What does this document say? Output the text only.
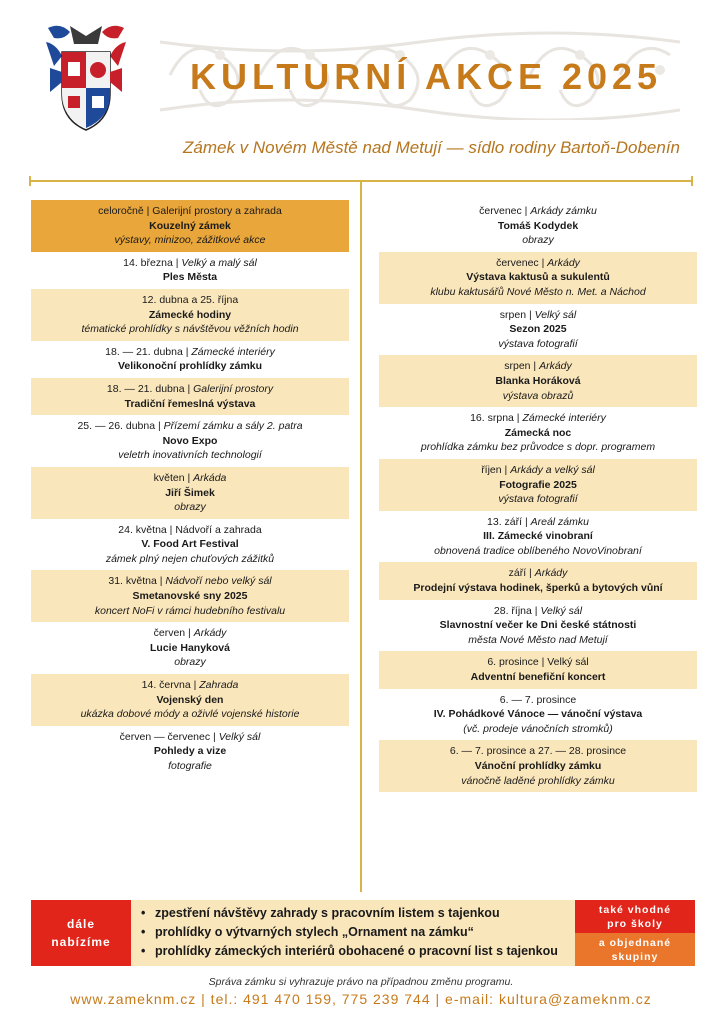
KULTURNÍ AKCE 2025
Zámek v Novém Městě nad Metují — sídlo rodiny Bartoň-Dobenín
celoročně | Galerijní prostory a zahrada
Kouzelný zámek
výstavy, minizoo, zážitkové akce
14. března | Velký a malý sál
Ples Města
12. dubna a 25. října
Zámecké hodiny
tématické prohlídky s návštěvou věžních hodin
18. — 21. dubna | Zámecké interiéry
Velikonoční prohlídky zámku
18. — 21. dubna | Galerijní prostory
Tradiční řemeslná výstava
25. — 26. dubna | Přízemí zámku a sály 2. patra
Novo Expo
veletrh inovativních technologií
květen | Arkáda
Jiří Šimek
obrazy
24. května | Nádvoří a zahrada
V. Food Art Festival
zámek plný nejen chuťových zážitků
31. května | Nádvoří nebo velký sál
Smetanovské sny 2025
koncert NoFi v rámci hudebního festivalu
červen | Arkády
Lucie Hanyková
obrazy
14. června | Zahrada
Vojenský den
ukázka dobové módy a oživlé vojenské historie
červen — červenec | Velký sál
Pohledy a vize
fotografie
červenec | Arkády zámku
Tomáš Kodydek
obrazy
červenec | Arkády
Výstava kaktusů a sukulentů
klubu kaktusářů Nové Město n. Met. a Náchod
srpen | Velký sál
Sezon 2025
výstava fotografií
srpen | Arkády
Blanka Horáková
výstava obrazů
16. srpna | Zámecké interiéry
Zámecká noc
prohlídka zámku bez průvodce s dopr. programem
říjen | Arkády a velký sál
Fotografie 2025
výstava fotografií
13. září | Areál zámku
III. Zámecké vinobraní
obnovená tradice oblíbeného NovoVinobraní
září | Arkády
Prodejní výstava hodinek, šperků a bytových vůní
28. října | Velký sál
Slavnostní večer ke Dni české státnosti
města Nové Město nad Metují
6. prosince | Velký sál
Adventní benefiční koncert
6. — 7. prosince
IV. Pohádkové Vánoce — vánoční výstava
(vč. prodeje vánočních stromků)
6. — 7. prosince a 27. — 28. prosince
Vánoční prohlídky zámku
vánočně laděné prohlídky zámku
dále
nabízíme
• zpestření návštěvy zahrady s pracovním listem s tajenkou
• prohlídky o výtvarných stylech „Ornament na zámku“
• prohlídky zámeckých interiérů obohacené o pracovní list s tajenkou
také vhodné
pro školy
a objednané
skupiny
Správa zámku si vyhrazuje právo na případnou změnu programu.
www.zameknm.cz | tel.: 491 470 159, 775 239 744 | e-mail: kultura@zameknm.cz
